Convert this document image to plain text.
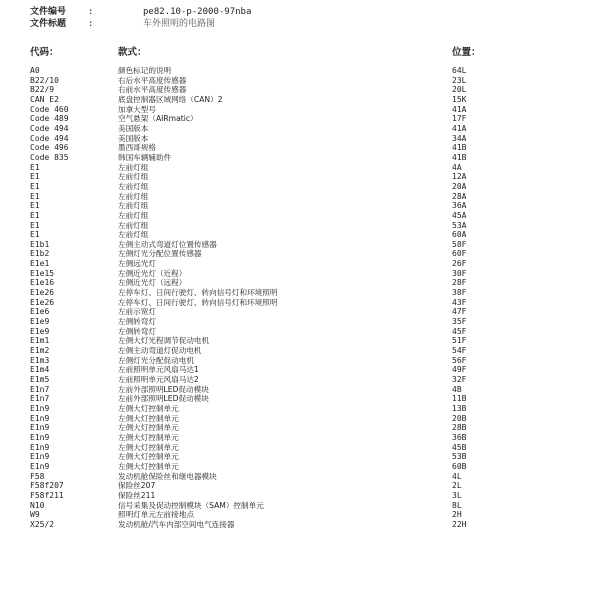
文件编号 :	pe82.10-p-2000-97nba
文件标题 :	车外照明的电路图
代码：	款式：	位置：
A0	颜色标记的说明	64L
B22/10	右后水平高度传感器	23L
B22/9	右前水平高度传感器	20L
CAN E2	底盘控制器区域网络（CAN）2	15K
Code 460	加拿大型号	41A
Code 489	空气悬架（AIRmatic）	17F
Code 494	美国版本	41A
Code 494	美国版本	34A
Code 496	墨西哥规格	41B
Code 835	韩国车辆辅助件	41B
E1	左前灯组	4A
E1	左前灯组	12A
E1	左前灯组	20A
E1	左前灯组	28A
E1	左前灯组	36A
E1	左前灯组	45A
E1	左前灯组	53A
E1	左前灯组	60A
E1b1	左侧主动式弯道灯位置传感器	58F
E1b2	左侧灯光分配位置传感器	60F
E1e1	左侧远光灯	26F
E1e15	左侧近光灯（近程）	30F
E1e16	左侧近光灯（远程）	28F
E1e26	左停车灯、日间行驶灯、转向信号灯和环境照明	38F
E1e26	左停车灯、日间行驶灯、转向信号灯和环境照明	43F
E1e6	左前示宽灯	47F
E1e9	左侧转弯灯	35F
E1e9	左侧转弯灯	45F
E1m1	左侧大灯光程调节促动电机	51F
E1m2	左侧主动弯道灯促动电机	54F
E1m3	左侧灯光分配促动电机	56F
E1m4	左前照明单元风扇马达1	49F
E1m5	左前照明单元风扇马达2	32F
E1n7	左前外部照明LED促动模块	4B
E1n7	左前外部照明LED促动模块	11B
E1n9	左侧大灯控制单元	13B
E1n9	左侧大灯控制单元	20B
E1n9	左侧大灯控制单元	28B
E1n9	左侧大灯控制单元	36B
E1n9	左侧大灯控制单元	45B
E1n9	左侧大灯控制单元	53B
E1n9	左侧大灯控制单元	60B
F58	发动机舱保险丝和继电器模块	4L
F58f207	保险丝207	2L
F58f211	保险丝211	3L
N10	信号采集及促动控制模块（SAM）控制单元	8L
W9	照明灯单元左前接地点	2H
X25/2	发动机舱/汽车内部空间电气连接器	22H
